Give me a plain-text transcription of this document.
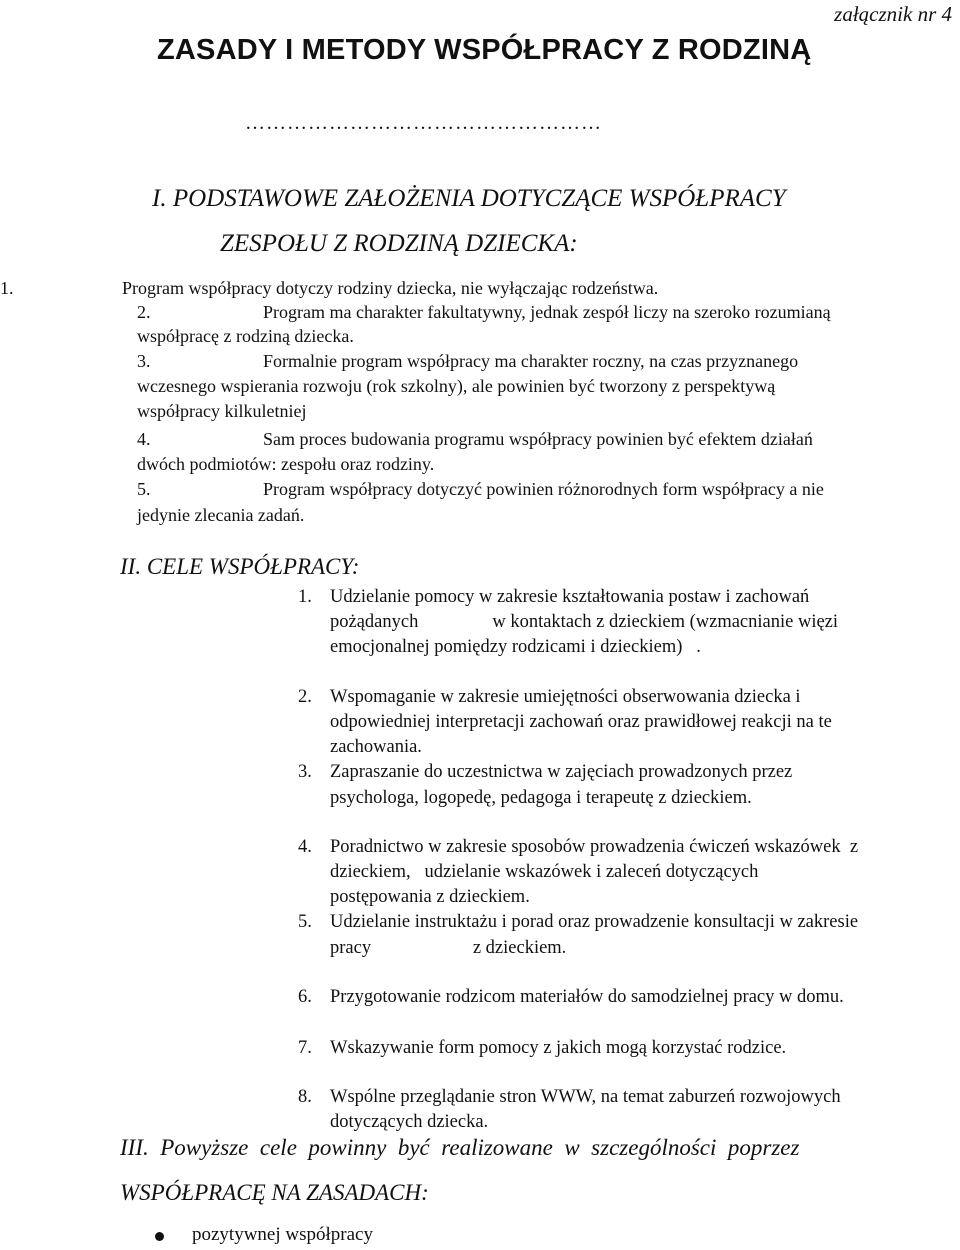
załącznik nr 4
ZASADY I METODY WSPÓŁPRACY Z RODZINĄ
……………………………………………
I. PODSTAWOWE ZAŁOŻENIA DOTYCZĄCE WSPÓŁPRACY
ZESPOŁU Z RODZINĄ DZIECKA:
1.	Program współpracy dotyczy rodziny dziecka, nie wyłączając rodzeństwa.
2.	Program ma charakter fakultatywny, jednak zespół liczy na szeroko rozumianą
współpracę z rodziną dziecka.
3.	Formalnie program współpracy ma charakter roczny, na czas przyznanego
wczesnego wspierania rozwoju (rok szkolny), ale powinien być tworzony z perspektywą
współpracy kilkuletniej
4.	Sam proces budowania programu współpracy powinien być efektem działań
dwóch podmiotów: zespołu oraz rodziny.
5.	Program współpracy dotyczyć powinien różnorodnych form współpracy a nie
jedynie zlecania zadań.
II. CELE WSPÓŁPRACY:
1. Udzielanie pomocy w zakresie kształtowania postaw i zachowań
pożądanych                w kontaktach z dzieckiem (wzmacnianie więzi
emocjonalnej pomiędzy rodzicami i dzieckiem)   .
2. Wspomaganie w zakresie umiejętności obserwowania dziecka i
odpowiedniej interpretacji zachowań oraz prawidłowej reakcji na te
zachowania.
3. Zapraszanie do uczestnictwa w zajęciach prowadzonych przez
psychologa, logopedę, pedagoga i terapeutę z dzieckiem.
4. Poradnictwo w zakresie sposobów prowadzenia ćwiczeń wskazówek  z
dzieckiem,   udzielanie wskazówek i zaleceń dotyczących
postępowania z dzieckiem.
5. Udzielanie instruktażu i porad oraz prowadzenie konsultacji w zakresie
pracy                      z dzieckiem.
6. Przygotowanie rodzicom materiałów do samodzielnej pracy w domu.
7. Wskazywanie form pomocy z jakich mogą korzystać rodzice.
8. Wspólne przeglądanie stron WWW, na temat zaburzeń rozwojowych
dotyczących dziecka.
III.  Powyższe  cele  powinny  być  realizowane  w  szczególności  poprzez
WSPÓŁPRACĘ NA ZASADACH:
pozytywnej współpracy
